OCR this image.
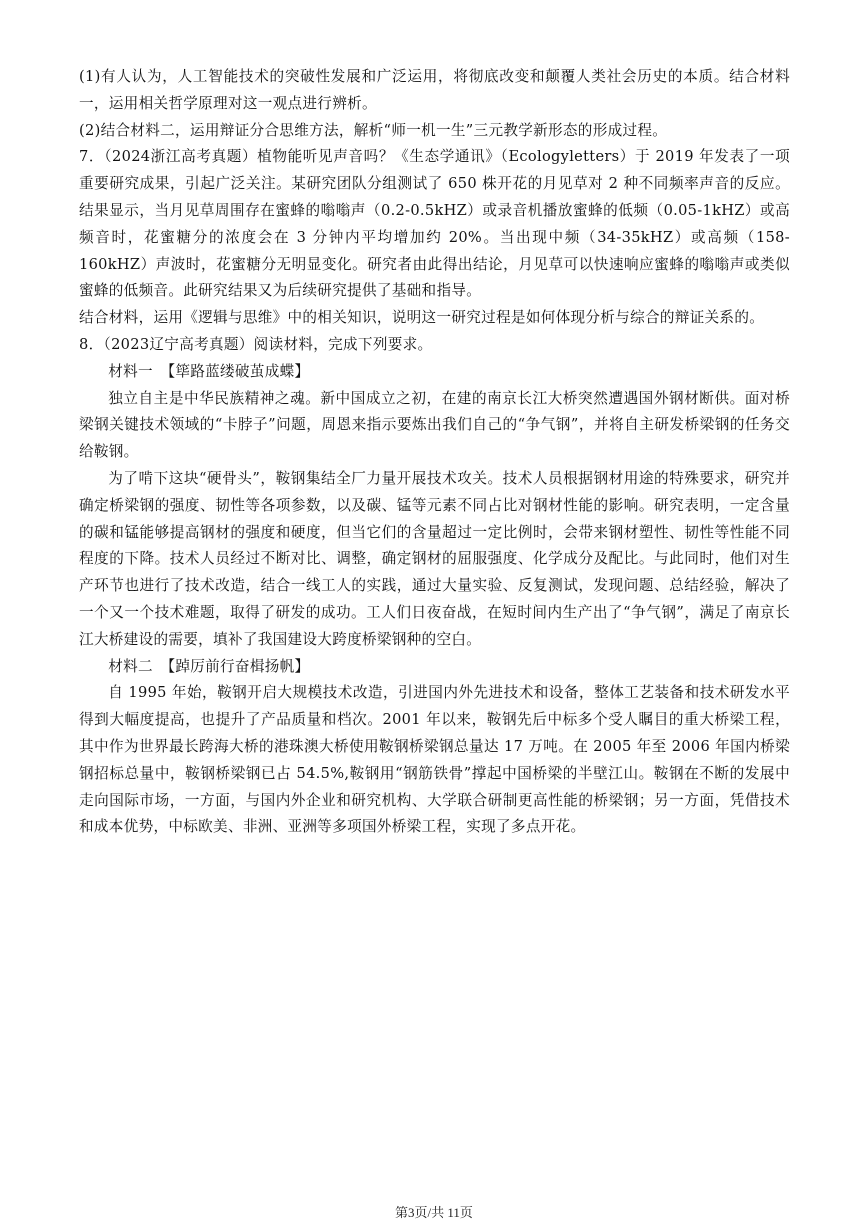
(1)有人认为，人工智能技术的突破性发展和广泛运用，将彻底改变和颠覆人类社会历史的本质。结合材料一，运用相关哲学原理对这一观点进行辨析。

(2)结合材料二，运用辩证分合思维方法，解析“师一机一生”三元教学新形态的形成过程。

7．（2024浙江高考真题）植物能听见声音吗？《生态学通讯》（Ecologyletters）于 2019 年发表了一项重要研究成果，引起广泛关注。某研究团队分组测试了 650 株开花的月见草对 2 种不同频率声音的反应。结果显示，当月见草周围存在蜜蜂的嗡嗡声（0.2-0.5kHZ）或录音机播放蜜蜂的低频（0.05-1kHZ）或高频音时，花蜜糖分的浓度会在 3 分钟内平均增加约 20%。当出现中频（34-35kHZ）或高频（158-160kHZ）声波时，花蜜糖分无明显变化。研究者由此得出结论，月见草可以快速响应蜜蜂的嗡嗡声或类似蜜蜂的低频音。此研究结果又为后续研究提供了基础和指导。

结合材料，运用《逻辑与思维》中的相关知识，说明这一研究过程是如何体现分析与综合的辩证关系的。

8．（2023辽宁高考真题）阅读材料，完成下列要求。

材料一　【筚路蓝缕破茧成蝶】

独立自主是中华民族精神之魂。新中国成立之初，在建的南京长江大桥突然遭遇国外钢材断供。面对桥梁钢关键技术领域的“卡脖子”问题，周恩来指示要炼出我们自己的“争气钢”，并将自主研发桥梁钢的任务交给鞍钢。

为了啃下这块“硬骨头”，鞍钢集结全厂力量开展技术攻关。技术人员根据钢材用途的特殊要求，研究并确定桥梁钢的强度、韧性等各项参数，以及碳、锰等元素不同占比对钢材性能的影响。研究表明，一定含量的碳和锰能够提高钢材的强度和硬度，但当它们的含量超过一定比例时，会带来钢材塑性、韧性等性能不同程度的下降。技术人员经过不断对比、调整，确定钢材的屈服强度、化学成分及配比。与此同时，他们对生产环节也进行了技术改造，结合一线工人的实践，通过大量实验、反复测试，发现问题、总结经验，解决了一个又一个技术难题，取得了研发的成功。工人们日夜奋战，在短时间内生产出了“争气钢”，满足了南京长江大桥建设的需要，填补了我国建设大跨度桥梁钢种的空白。

材料二　【踔厉前行奋楫扬帆】

自 1995 年始，鞍钢开启大规模技术改造，引进国内外先进技术和设备，整体工艺装备和技术研发水平得到大幅度提高，也提升了产品质量和档次。2001 年以来，鞍钢先后中标多个受人瞩目的重大桥梁工程，其中作为世界最长跨海大桥的港珠澳大桥使用鞍钢桥梁钢总量达 17 万吨。在 2005 年至 2006 年国内桥梁钢招标总量中，鞍钢桥梁钢已占 54.5%,鞍钢用“钢筋铁骨”撑起中国桥梁的半壁江山。鞍钢在不断的发展中走向国际市场，一方面，与国内外企业和研究机构、大学联合研制更高性能的桥梁钢；另一方面，凭借技术和成本优势，中标欧美、非洲、亚洲等多项国外桥梁工程，实现了多点开花。

第3页/共 11页
